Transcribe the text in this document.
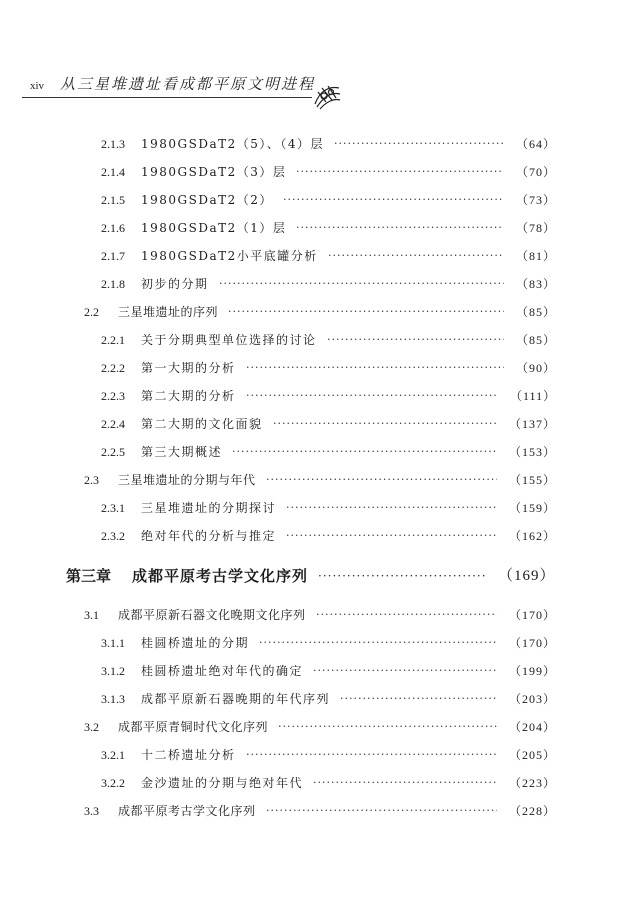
xiv 从三星堆遗址看成都平原文明进程
2.1.3 1980GSDaT2（5）、（4）层 ·····	（64）
2.1.4 1980GSDaT2（3）层 ·····	（70）
2.1.5 1980GSDaT2（2） ·····	（73）
2.1.6 1980GSDaT2（1）层 ·····	（78）
2.1.7 1980GSDaT2小平底罐分析 ·····	（81）
2.1.8 初步的分期 ·····	（83）
2.2 三星堆遗址的序列 ·····	（85）
2.2.1 关于分期典型单位选择的讨论 ·····	（85）
2.2.2 第一大期的分析 ·····	（90）
2.2.3 第二大期的分析 ·····	（111）
2.2.4 第二大期的文化面貌 ·····	（137）
2.2.5 第三大期概述 ·····	（153）
2.3 三星堆遗址的分期与年代 ·····	（155）
2.3.1 三星堆遗址的分期探讨 ·····	（159）
2.3.2 绝对年代的分析与推定 ·····	（162）
第三章 成都平原考古学文化序列 ·····	（169）
3.1 成都平原新石器文化晚期文化序列 ·····	（170）
3.1.1 桂圆桥遗址的分期 ·····	（170）
3.1.2 桂圆桥遗址绝对年代的确定 ·····	（199）
3.1.3 成都平原新石器晚期的年代序列 ·····	（203）
3.2 成都平原青铜时代文化序列 ·····	（204）
3.2.1 十二桥遗址分析 ·····	（205）
3.2.2 金沙遗址的分期与绝对年代 ·····	（223）
3.3 成都平原考古学文化序列 ·····	（228）
